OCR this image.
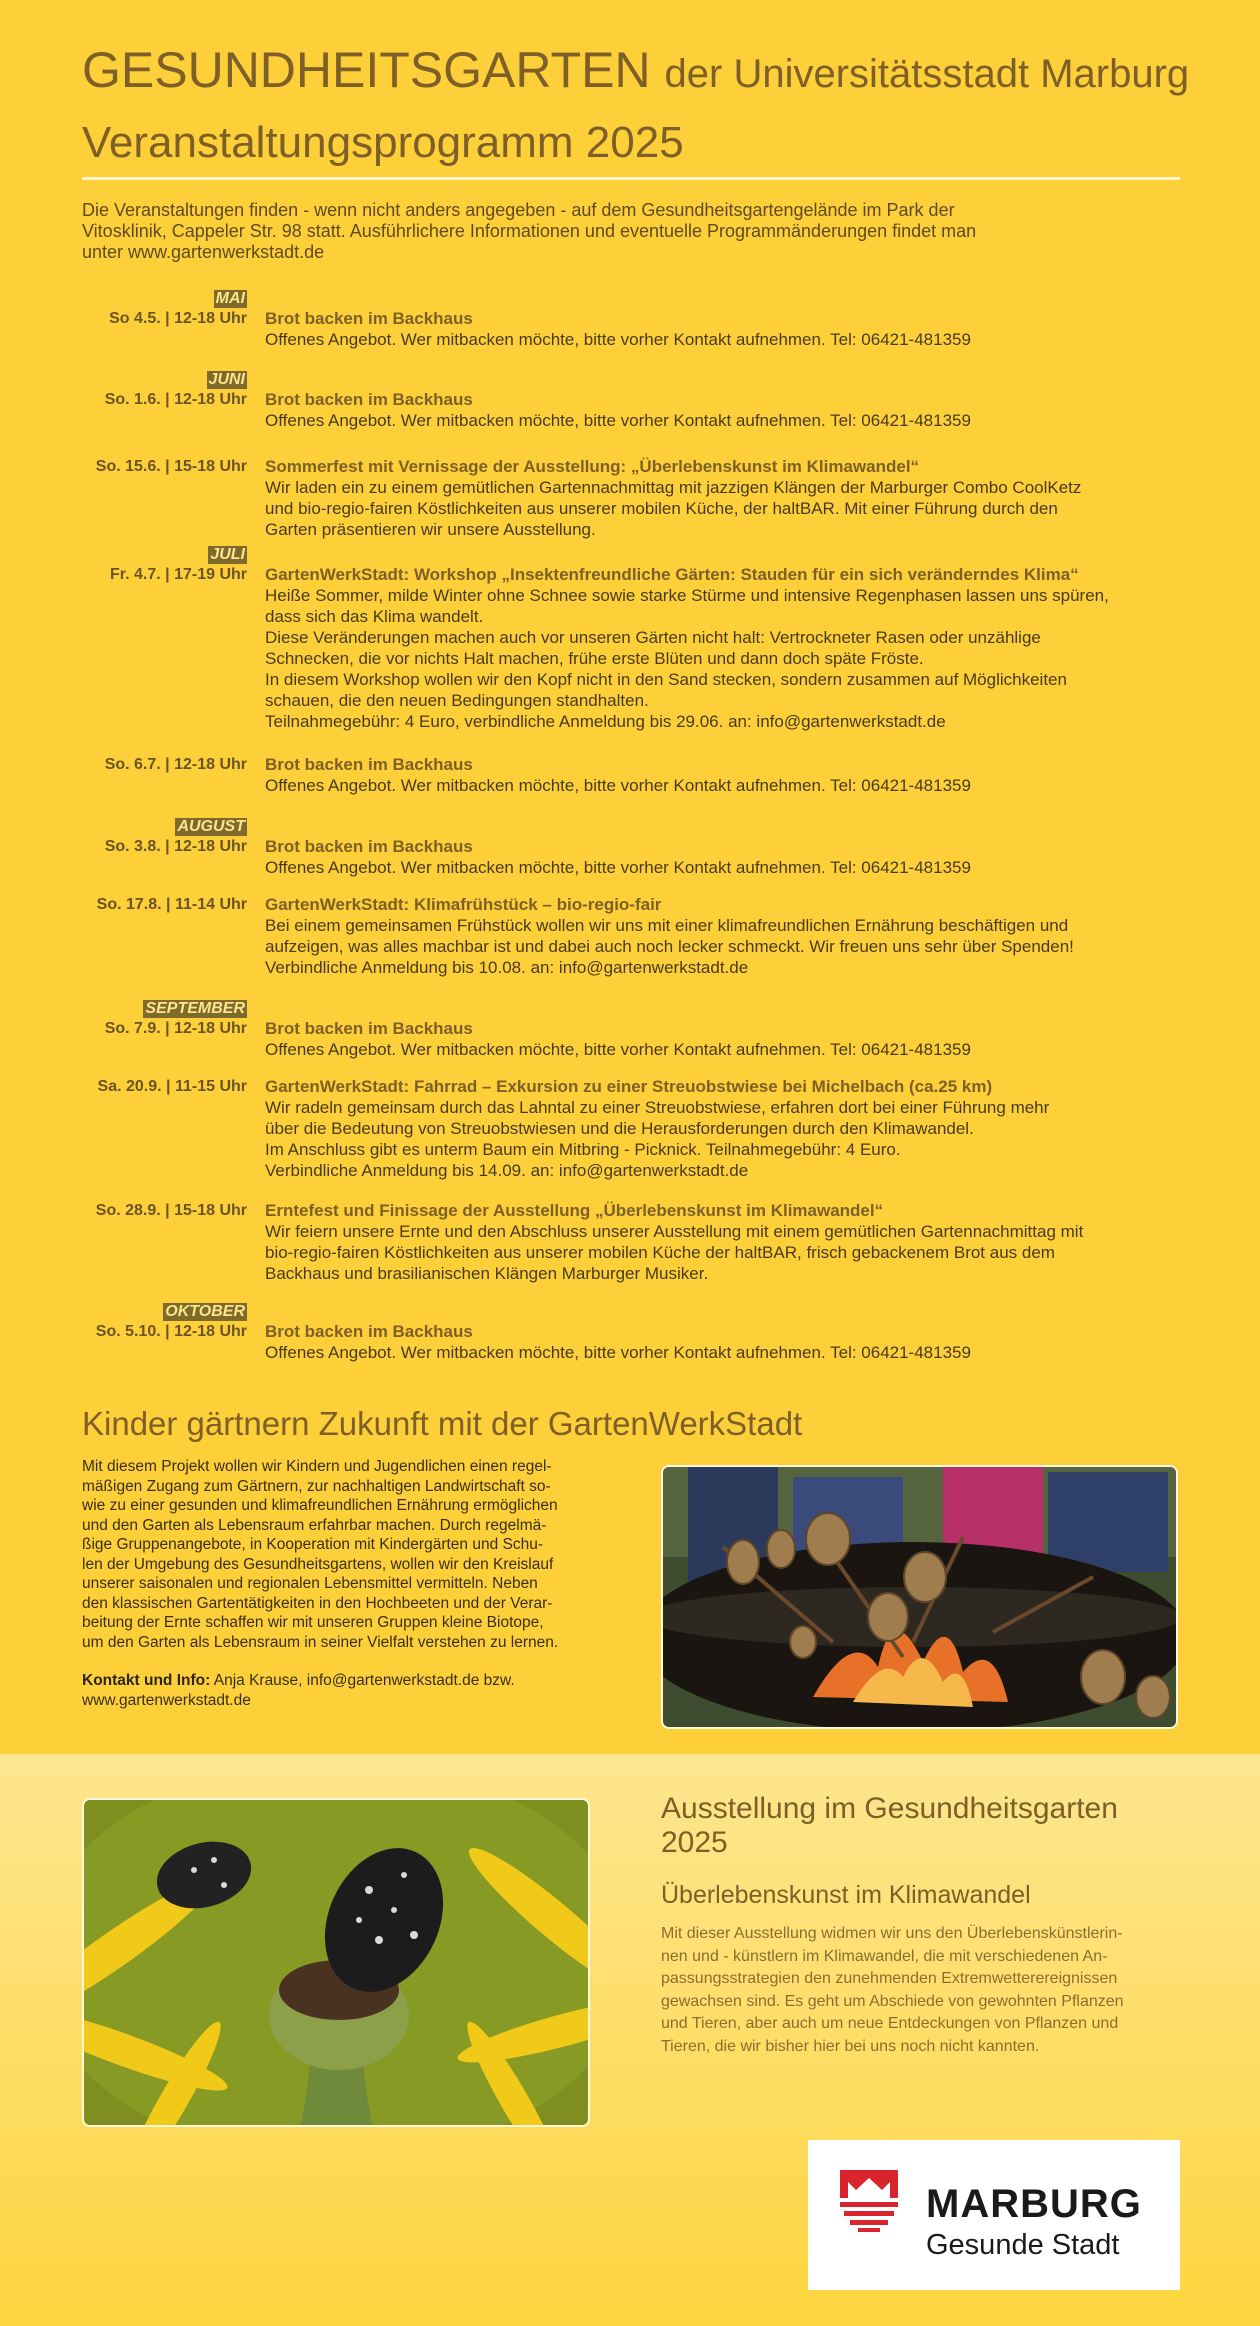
GESUNDHEITSGARTEN der Universitätsstadt Marburg
Veranstaltungsprogramm 2025

Die Veranstaltungen finden - wenn nicht anders angegeben - auf dem Gesundheitsgartengelände im Park der

Vitosklinik, Cappeler Str. 98 statt. Ausführlichere Informationen und eventuelle Programmänderungen findet man

unter www.gartenwerkstadt.de

MAI
So 4.5. | 12-18 Uhr Brot backen im Backhaus

Offenes Angebot. Wer mitbacken möchte, bitte vorher Kontakt aufnehmen. Tel: 06421-481359

JUNI
So. 1.6. | 12-18 Uhr Brot backen im Backhaus

Offenes Angebot. Wer mitbacken möchte, bitte vorher Kontakt aufnehmen. Tel: 06421-481359

So. 15.6. | 15-18 Uhr Sommerfest mit Vernissage der Ausstellung: „Überlebenskunst im Klimawandel“

Wir laden ein zu einem gemütlichen Gartennachmittag mit jazzigen Klängen der Marburger Combo CoolKetz

und bio-regio-fairen Köstlichkeiten aus unserer mobilen Küche, der haltBAR. Mit einer Führung durch den

Garten präsentieren wir unsere Ausstellung.

JULI
Fr. 4.7. | 17-19 Uhr GartenWerkStadt: Workshop „Insektenfreundliche Gärten: Stauden für ein sich veränderndes Klima“

Heiße Sommer, milde Winter ohne Schnee sowie starke Stürme und intensive Regenphasen lassen uns spüren,

dass sich das Klima wandelt.

Diese Veränderungen machen auch vor unseren Gärten nicht halt: Vertrockneter Rasen oder unzählige

Schnecken, die vor nichts Halt machen, frühe erste Blüten und dann doch späte Fröste.

In diesem Workshop wollen wir den Kopf nicht in den Sand stecken, sondern zusammen auf Möglichkeiten

schauen, die den neuen Bedingungen standhalten.

Teilnahmegebühr: 4 Euro, verbindliche Anmeldung bis 29.06. an: info@gartenwerkstadt.de

So. 6.7. | 12-18 Uhr Brot backen im Backhaus

Offenes Angebot. Wer mitbacken möchte, bitte vorher Kontakt aufnehmen. Tel: 06421-481359

AUGUST
So. 3.8. | 12-18 Uhr Brot backen im Backhaus

Offenes Angebot. Wer mitbacken möchte, bitte vorher Kontakt aufnehmen. Tel: 06421-481359

So. 17.8. | 11-14 Uhr GartenWerkStadt: Klimafrühstück – bio-regio-fair

Bei einem gemeinsamen Frühstück wollen wir uns mit einer klimafreundlichen Ernährung beschäftigen und

aufzeigen, was alles machbar ist und dabei auch noch lecker schmeckt. Wir freuen uns sehr über Spenden!

Verbindliche Anmeldung bis 10.08. an: info@gartenwerkstadt.de

SEPTEMBER
So. 7.9. | 12-18 Uhr Brot backen im Backhaus

Offenes Angebot. Wer mitbacken möchte, bitte vorher Kontakt aufnehmen. Tel: 06421-481359

Sa. 20.9. | 11-15 Uhr GartenWerkStadt: Fahrrad – Exkursion zu einer Streuobstwiese bei Michelbach (ca.25 km)

Wir radeln gemeinsam durch das Lahntal zu einer Streuobstwiese, erfahren dort bei einer Führung mehr

über die Bedeutung von Streuobstwiesen und die Herausforderungen durch den Klimawandel.

Im Anschluss gibt es unterm Baum ein Mitbring - Picknick. Teilnahmegebühr: 4 Euro.

Verbindliche Anmeldung bis 14.09. an: info@gartenwerkstadt.de

So. 28.9. | 15-18 Uhr Erntefest und Finissage der Ausstellung „Überlebenskunst im Klimawandel“

Wir feiern unsere Ernte und den Abschluss unserer Ausstellung mit einem gemütlichen Gartennachmittag mit

bio-regio-fairen Köstlichkeiten aus unserer mobilen Küche der haltBAR, frisch gebackenem Brot aus dem

Backhaus und brasilianischen Klängen Marburger Musiker.

OKTOBER
So. 5.10. | 12-18 Uhr Brot backen im Backhaus

Offenes Angebot. Wer mitbacken möchte, bitte vorher Kontakt aufnehmen. Tel: 06421-481359

Kinder gärtnern Zukunft mit der GartenWerkStadt

Mit diesem Projekt wollen wir Kindern und Jugendlichen einen regel-

mäßigen Zugang zum Gärtnern, zur nachhaltigen Landwirtschaft so-

wie zu einer gesunden und klimafreundlichen Ernährung ermöglichen

und den Garten als Lebensraum erfahrbar machen. Durch regelmä-

ßige Gruppenangebote, in Kooperation mit Kindergärten und Schu-

len der Umgebung des Gesundheitsgartens, wollen wir den Kreislauf

unserer saisonalen und regionalen Lebensmittel vermitteln. Neben

den klassischen Gartentätigkeiten in den Hochbeeten und der Verar-

beitung der Ernte schaffen wir mit unseren Gruppen kleine Biotope,

um den Garten als Lebensraum in seiner Vielfalt verstehen zu lernen.

Kontakt und Info: Anja Krause, info@gartenwerkstadt.de bzw.

www.gartenwerkstadt.de

Ausstellung im Gesundheitsgarten
2025
Überlebenskunst im Klimawandel
Mit dieser Ausstellung widmen wir uns den Überlebenskünstlerin-
nen und - künstlern im Klimawandel, die mit verschiedenen An-
passungsstrategien den zunehmenden Extremwetterereignissen
gewachsen sind. Es geht um Abschiede von gewohnten Pflanzen
und Tieren, aber auch um neue Entdeckungen von Pflanzen und
Tieren, die wir bisher hier bei uns noch nicht kannten.
MARBURG
Gesunde Stadt
